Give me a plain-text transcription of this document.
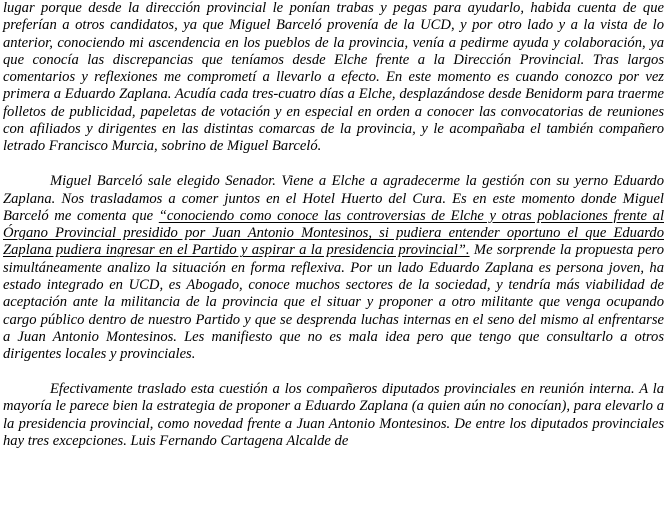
lugar porque desde la dirección provincial le ponían trabas y pegas para ayudarlo, habida cuenta de que preferían a otros candidatos, ya que Miguel Barceló provenía de la UCD, y por otro lado y a la vista de lo anterior, conociendo mi ascendencia en los pueblos de la provincia, venía a pedirme ayuda y colaboración, ya que conocía las discrepancias que teníamos desde Elche frente a la Dirección Provincial. Tras largos comentarios y reflexiones me comprometí a llevarlo a efecto. En este momento es cuando conozco por vez primera a Eduardo Zaplana. Acudía cada tres-cuatro días a Elche, desplazándose desde Benidorm para traerme folletos de publicidad, papeletas de votación y en especial en orden a conocer las convocatorias de reuniones con afiliados y dirigentes en las distintas comarcas de la provincia, y le acompañaba el también compañero letrado Francisco Murcia, sobrino de Miguel Barceló.

Miguel Barceló sale elegido Senador. Viene a Elche a agradecerme la gestión con su yerno Eduardo Zaplana. Nos trasladamos a comer juntos en el Hotel Huerto del Cura. Es en este momento donde Miguel Barceló me comenta que “conociendo como conoce las controversias de Elche y otras poblaciones frente al Órgano Provincial presidido por Juan Antonio Montesinos, si pudiera entender oportuno el que Eduardo Zaplana pudiera ingresar en el Partido y aspirar a la presidencia provincial”. Me sorprende la propuesta pero simultáneamente analizo la situación en forma reflexiva. Por un lado Eduardo Zaplana es persona joven, ha estado integrado en UCD, es Abogado, conoce muchos sectores de la sociedad, y tendría más viabilidad de aceptación ante la militancia de la provincia que el situar y proponer a otro militante que venga ocupando cargo público dentro de nuestro Partido y que se desprenda luchas internas en el seno del mismo al enfrentarse a Juan Antonio Montesinos. Les manifiesto que no es mala idea pero que tengo que consultarlo a otros dirigentes locales y provinciales.

Efectivamente traslado esta cuestión a los compañeros diputados provinciales en reunión interna. A la mayoría le parece bien la estrategia de proponer a Eduardo Zaplana (a quien aún no conocían), para elevarlo a la presidencia provincial, como novedad frente a Juan Antonio Montesinos. De entre los diputados provinciales hay tres excepciones. Luis Fernando Cartagena Alcalde de
